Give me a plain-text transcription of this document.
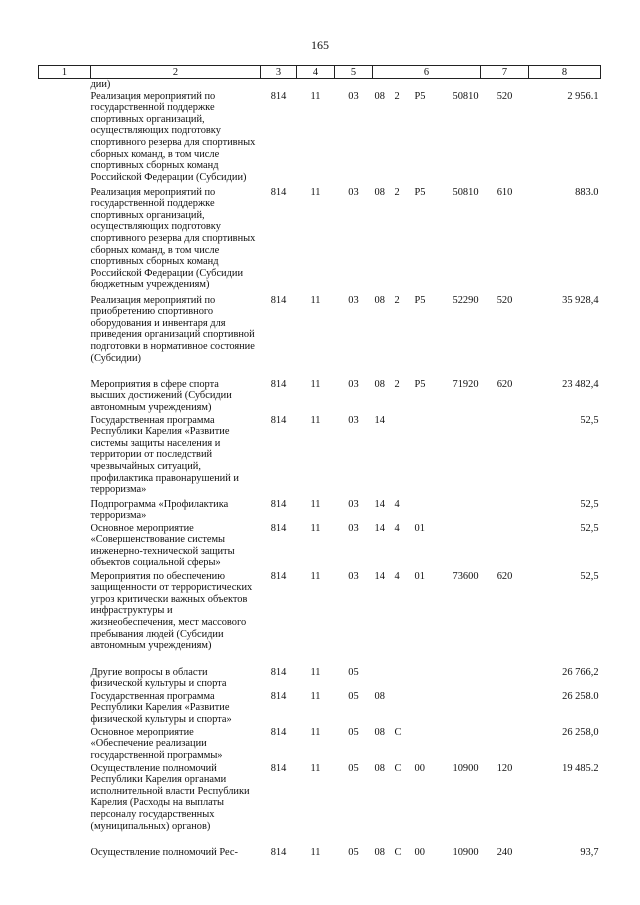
165
1	2	3	4	5	6				7	8
	дии)									
	Реализация мероприятий по государственной поддержке спортивных организаций, осуществляющих подготовку спортивного резерва для спортивных сборных команд, в том числе спортивных сборных команд Российской Федерации (Субсидии)	814	11	03	08	2	P5	50810	520	2 956.1
	Реализация мероприятий по государственной поддержке спортивных организаций, осуществляющих подготовку спортивного резерва для спортивных сборных команд, в том числе спортивных сборных команд Российской Федерации (Субсидии бюджетным учреждениям)	814	11	03	08	2	P5	50810	610	883.0
	Реализация мероприятий по приобретению спортивного оборудования и инвентаря для приведения организаций спортивной подготовки в нормативное состояние (Субсидии)	814	11	03	08	2	P5	52290	520	35 928,4
	Мероприятия в сфере спорта высших достижений (Субсидии автономным учреждениям)	814	11	03	08	2	P5	71920	620	23 482,4
	Государственная программа Республики Карелия «Развитие системы защиты населения и территории от последствий чрезвычайных ситуаций, профилактика правонарушений и терроризма»	814	11	03	14					52,5
	Подпрограмма «Профилактика терроризма»	814	11	03	14	4				52,5
	Основное мероприятие «Совершенствование системы инженерно-технической защиты объектов социальной сферы»	814	11	03	14	4	01			52,5
	Мероприятия по обеспечению защищенности от террористических угроз критически важных объектов инфраструктуры и жизнеобеспечения, мест массового пребывания людей (Субсидии автономным учреждениям)	814	11	03	14	4	01	73600	620	52,5
	Другие вопросы в области физической культуры и спорта	814	11	05						26 766,2
	Государственная программа Республики Карелия «Развитие физической культуры и спорта»	814	11	05	08					26 258.0
	Основное мероприятие «Обеспечение реализации государственной программы»	814	11	05	08	C				26 258,0
	Осуществление полномочий Республики Карелия органами исполнительной власти Республики Карелия (Расходы на выплаты персоналу государственных (муниципальных) органов)	814	11	05	08	C	00	10900	120	19 485.2
	Осуществление полномочий Рес-	814	11	05	08	C	00	10900	240	93,7
